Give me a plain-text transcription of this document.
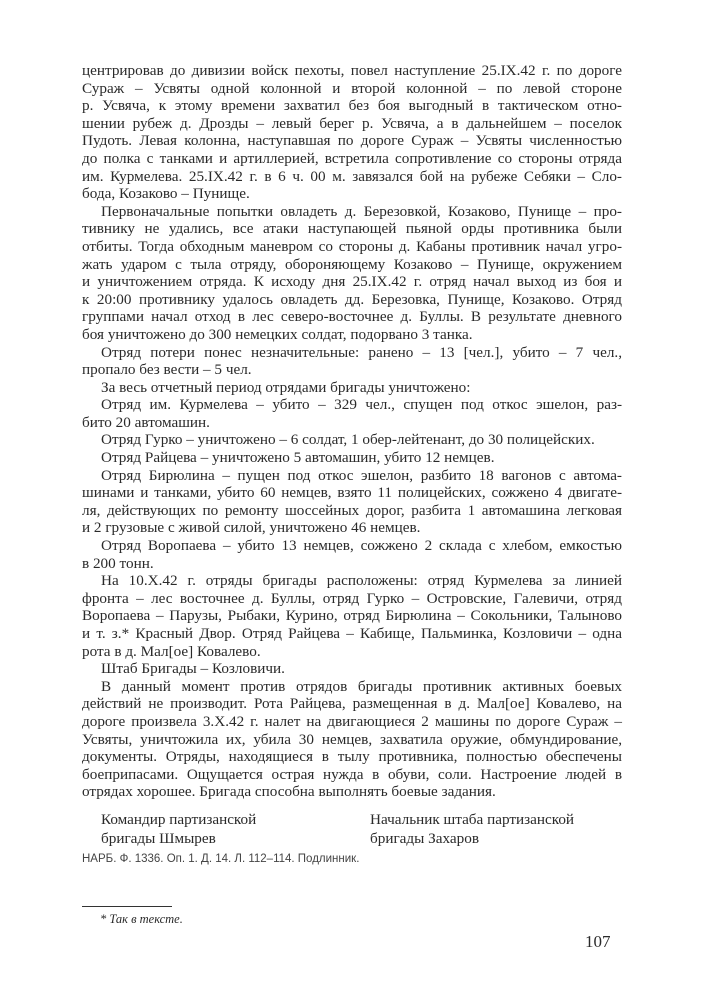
центрировав до дивизии войск пехоты, повел наступление 25.IX.42 г. по дороге
Сураж – Усвяты одной колонной и второй колонной – по левой стороне
р. Усвяча, к этому времени захватил без боя выгодный в тактическом отно-
шении рубеж д. Дрозды – левый берег р. Усвяча, а в дальнейшем – поселок
Пудоть. Левая колонна, наступавшая по дороге Сураж – Усвяты численностью
до полка с танками и артиллерией, встретила сопротивление со стороны отряда
им. Курмелева. 25.IX.42 г. в 6 ч. 00 м. завязался бой на рубеже Себяки – Сло-
бода, Козаково – Пунище.
Первоначальные попытки овладеть д. Березовкой, Козаково, Пунище – про-
тивнику не удались, все атаки наступающей пьяной орды противника были
отбиты. Тогда обходным маневром со стороны д. Кабаны противник начал угро-
жать ударом с тыла отряду, обороняющему Козаково – Пунище, окружением
и уничтожением отряда. К исходу дня 25.IX.42 г. отряд начал выход из боя и
к 20:00 противнику удалось овладеть дд. Березовка, Пунище, Козаково. Отряд
группами начал отход в лес северо-восточнее д. Буллы. В результате дневного
боя уничтожено до 300 немецких солдат, подорвано 3 танка.
Отряд потери понес незначительные: ранено – 13 [чел.], убито – 7 чел.,
пропало без вести – 5 чел.
За весь отчетный период отрядами бригады уничтожено:
Отряд им. Курмелева – убито – 329 чел., спущен под откос эшелон, раз-
бито 20 автомашин.
Отряд Гурко – уничтожено – 6 солдат, 1 обер-лейтенант, до 30 полицейских.
Отряд Райцева – уничтожено 5 автомашин, убито 12 немцев.
Отряд Бирюлина – пущен под откос эшелон, разбито 18 вагонов с автома-
шинами и танками, убито 60 немцев, взято 11 полицейских, сожжено 4 двигате-
ля, действующих по ремонту шоссейных дорог, разбита 1 автомашина легковая
и 2 грузовые с живой силой, уничтожено 46 немцев.
Отряд Воропаева – убито 13 немцев, сожжено 2 склада с хлебом, емкостью
в 200 тонн.
На 10.X.42 г. отряды бригады расположены: отряд Курмелева за линией
фронта – лес восточнее д. Буллы, отряд Гурко – Островские, Галевичи, отряд
Воропаева – Парузы, Рыбаки, Курино, отряд Бирюлина – Сокольники, Талыново
и т. з.* Красный Двор. Отряд Райцева – Кабище, Пальминка, Козловичи – одна
рота в д. Мал[ое] Ковалево.
Штаб Бригады – Козловичи.
В данный момент против отрядов бригады противник активных боевых
действий не производит. Рота Райцева, размещенная в д. Мал[ое] Ковалево, на
дороге произвела 3.X.42 г. налет на двигающиеся 2 машины по дороге Сураж –
Усвяты, уничтожила их, убила 30 немцев, захватила оружие, обмундирование,
документы. Отряды, находящиеся в тылу противника, полностью обеспечены
боеприпасами. Ощущается острая нужда в обуви, соли. Настроение людей в
отрядах хорошее. Бригада способна выполнять боевые задания.
Командир партизанской
бригады Шмырев
Начальник штаба партизанской
бригады Захаров
НАРБ. Ф. 1336. Оп. 1. Д. 14. Л. 112–114. Подлинник.
* Так в тексте.
107
